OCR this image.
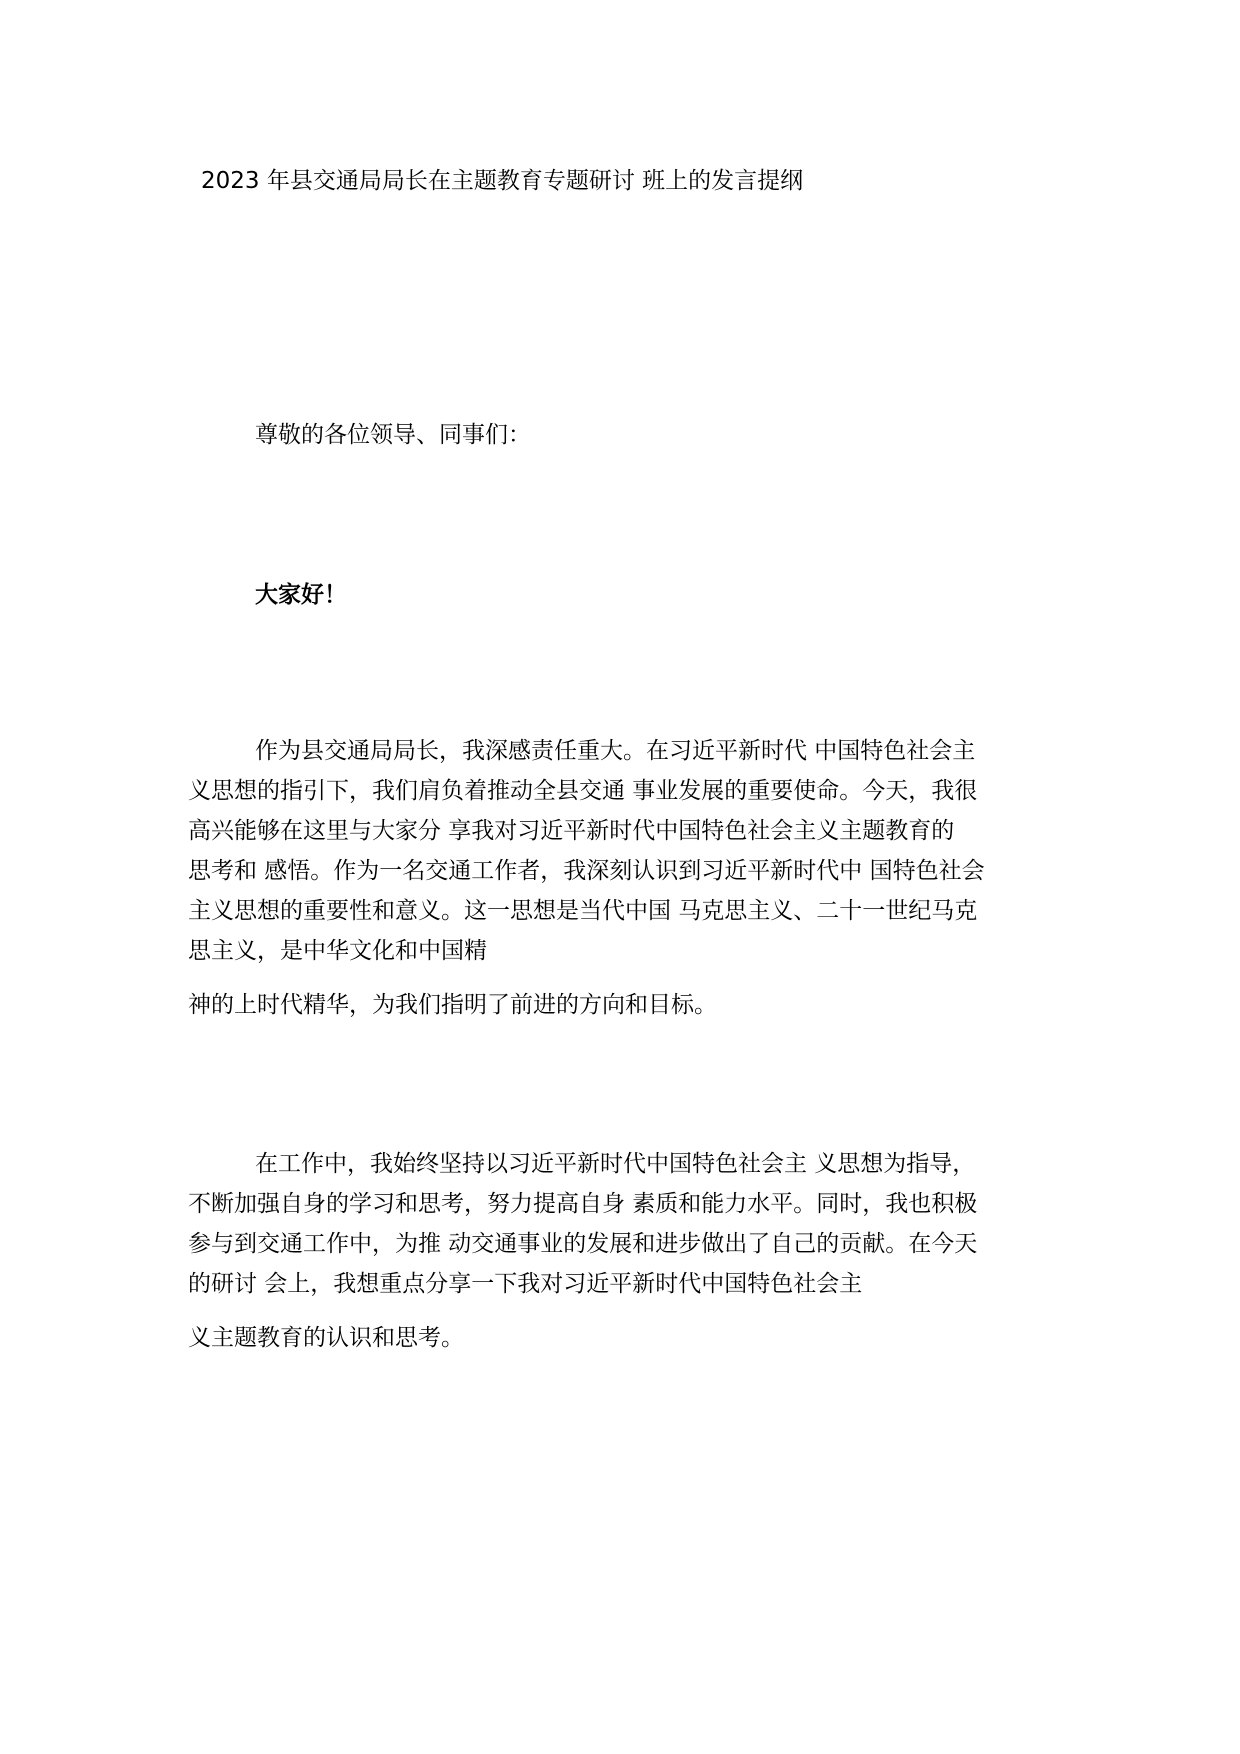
2023 年县交通局局长在主题教育专题研讨 班上的发言提纲
尊敬的各位领导、同事们：
大家好！
作为县交通局局长，我深感责任重大。在习近平新时代 中国特色社会主
义思想的指引下，我们肩负着推动全县交通 事业发展的重要使命。今天，我很
高兴能够在这里与大家分 享我对习近平新时代中国特色社会主义主题教育的
思考和 感悟。作为一名交通工作者，我深刻认识到习近平新时代中 国特色社会
主义思想的重要性和意义。这一思想是当代中国 马克思主义、二十一世纪马克
思主义，是中华文化和中国精
神的上时代精华，为我们指明了前进的方向和目标。
在工作中，我始终坚持以习近平新时代中国特色社会主 义思想为指导，
不断加强自身的学习和思考，努力提高自身 素质和能力水平。同时，我也积极
参与到交通工作中，为推 动交通事业的发展和进步做出了自己的贡献。在今天
的研讨 会上，我想重点分享一下我对习近平新时代中国特色社会主
义主题教育的认识和思考。
